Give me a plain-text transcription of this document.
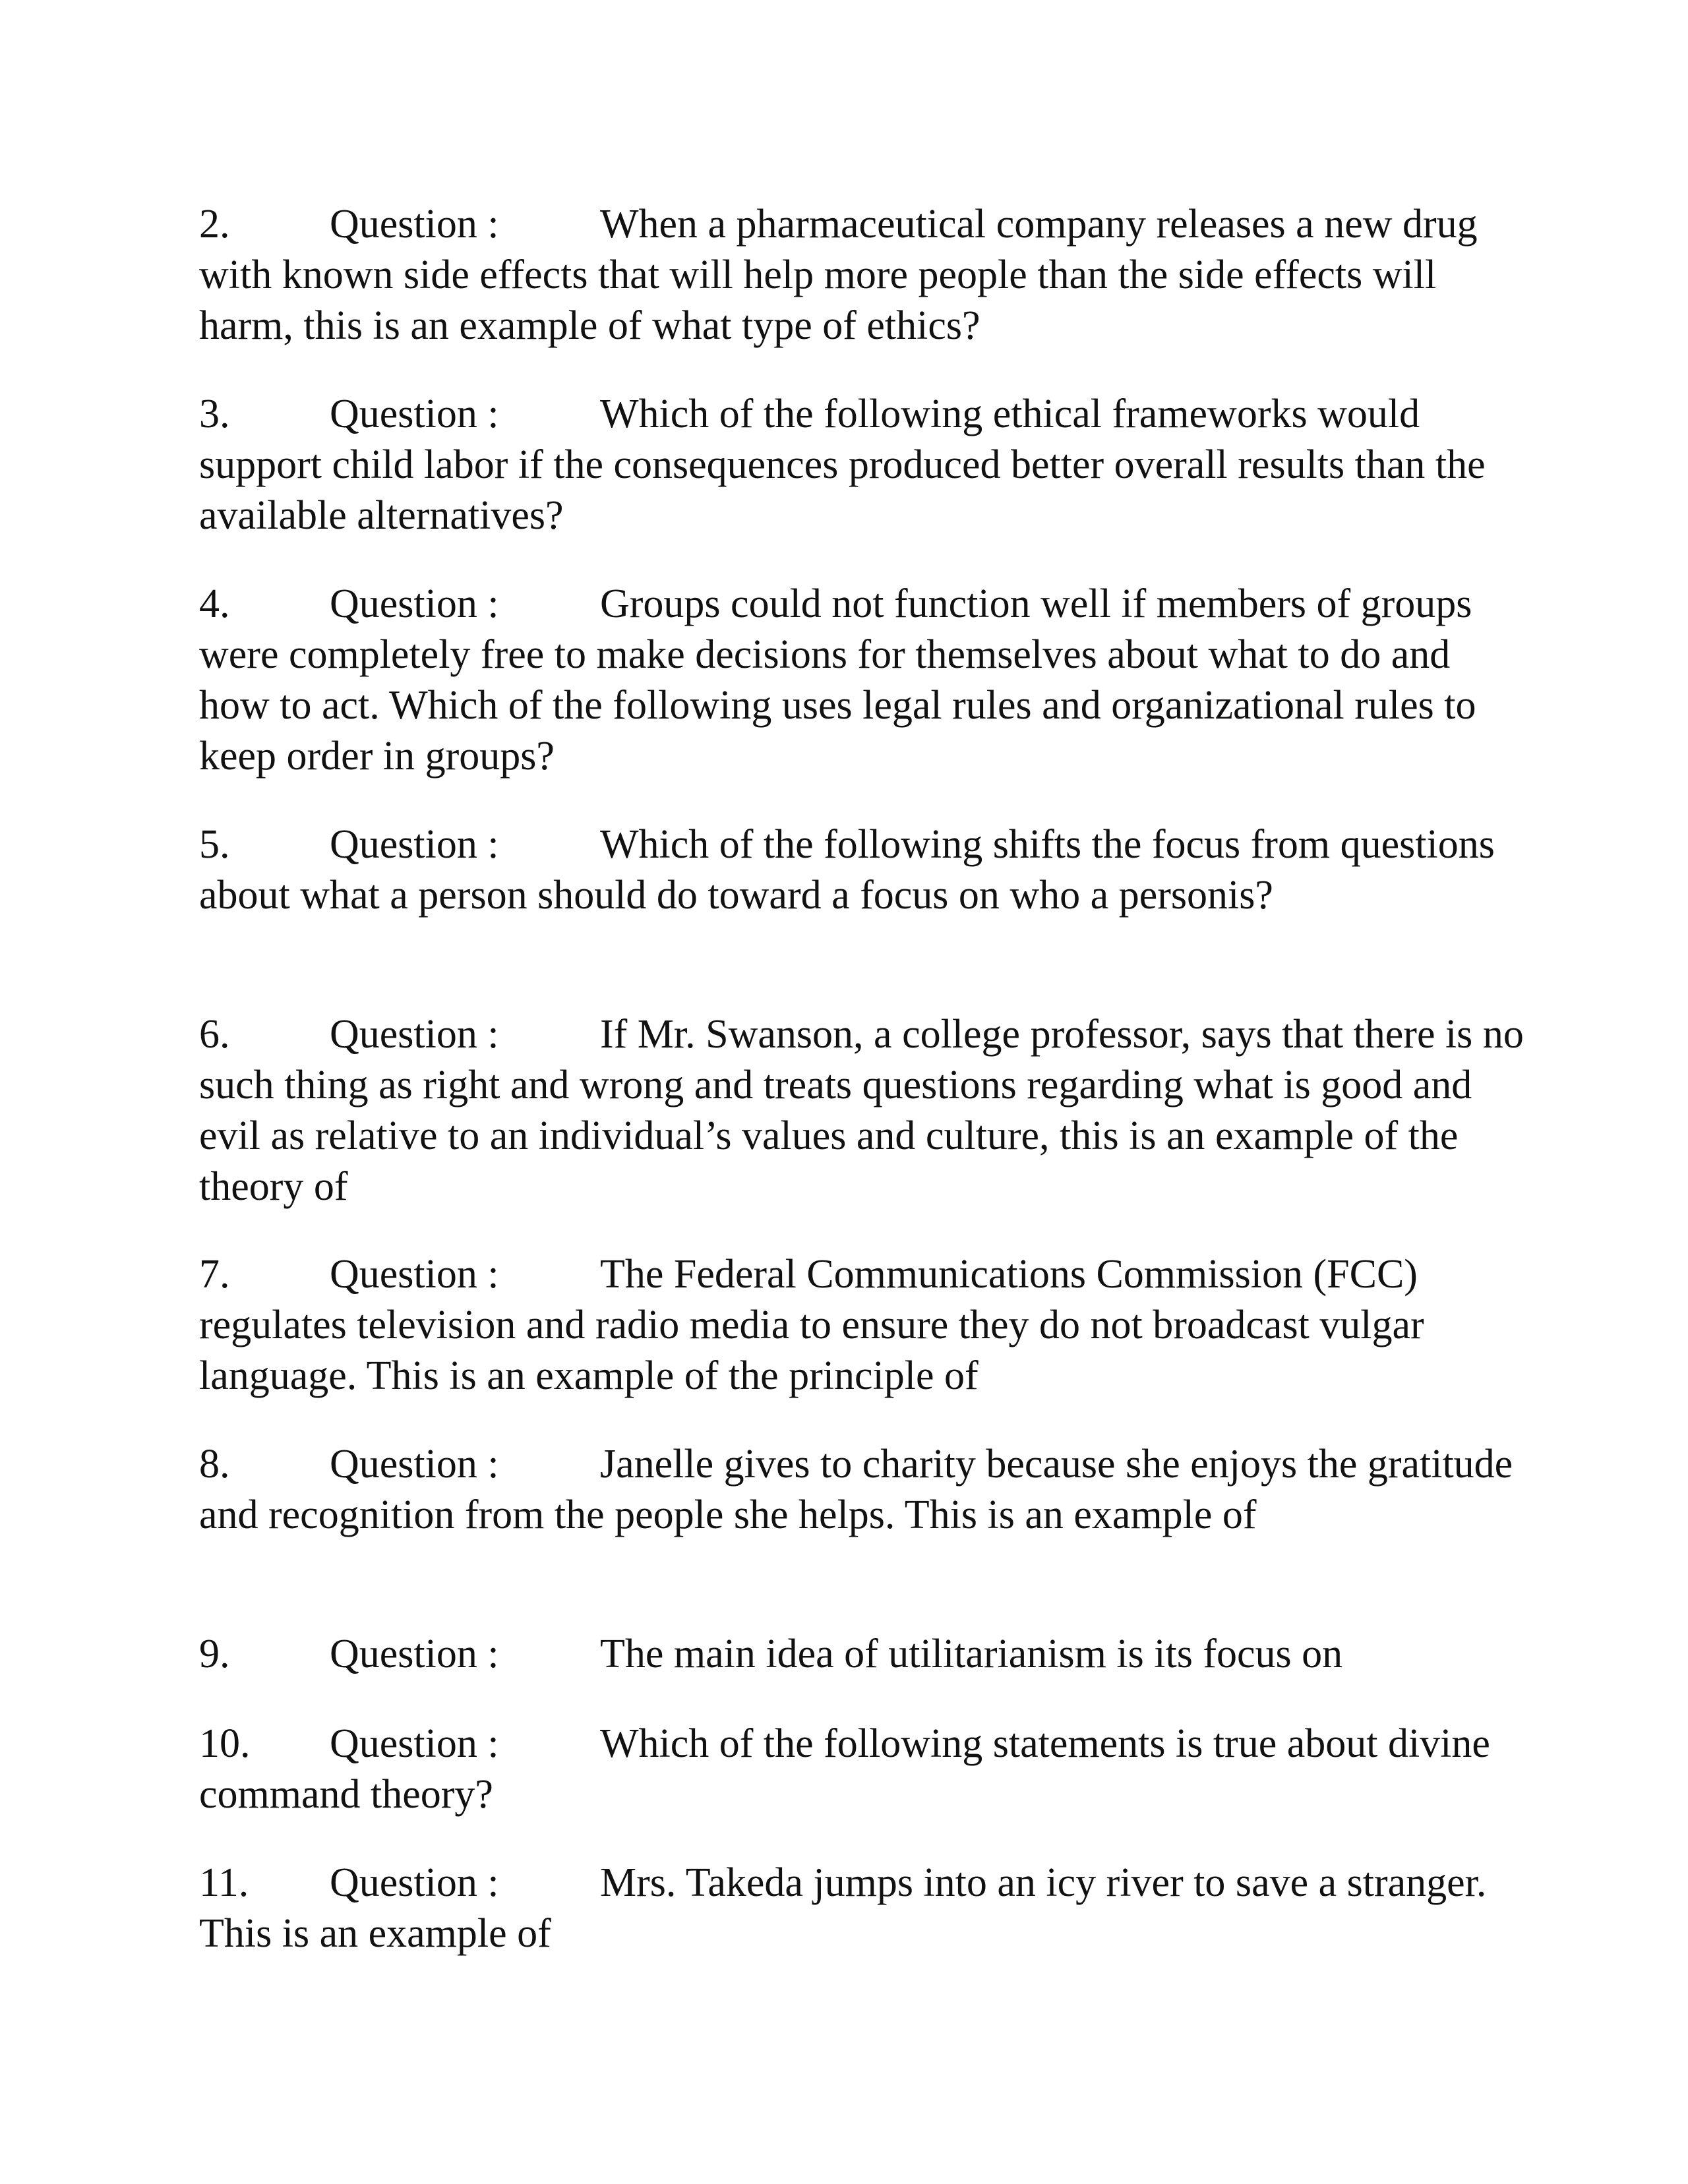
2. Question : When a pharmaceutical company releases a new drug with known side effects that will help more people than the side effects will harm, this is an example of what type of ethics?

3. Question : Which of the following ethical frameworks would support child labor if the consequences produced better overall results than the available alternatives?

4. Question : Groups could not function well if members of groups were completely free to make decisions for themselves about what to do and how to act. Which of the following uses legal rules and organizational rules to keep order in groups?

5. Question : Which of the following shifts the focus from questions about what a person should do toward a focus on who a personis?

6. Question : If Mr. Swanson, a college professor, says that there is no such thing as right and wrong and treats questions regarding what is good and evil as relative to an individual’s values and culture, this is an example of the theory of

7. Question : The Federal Communications Commission (FCC) regulates television and radio media to ensure they do not broadcast vulgar language. This is an example of the principle of

8. Question : Janelle gives to charity because she enjoys the gratitude and recognition from the people she helps. This is an example of

9. Question : The main idea of utilitarianism is its focus on

10. Question : Which of the following statements is true about divine command theory?

11. Question : Mrs. Takeda jumps into an icy river to save a stranger. This is an example of
